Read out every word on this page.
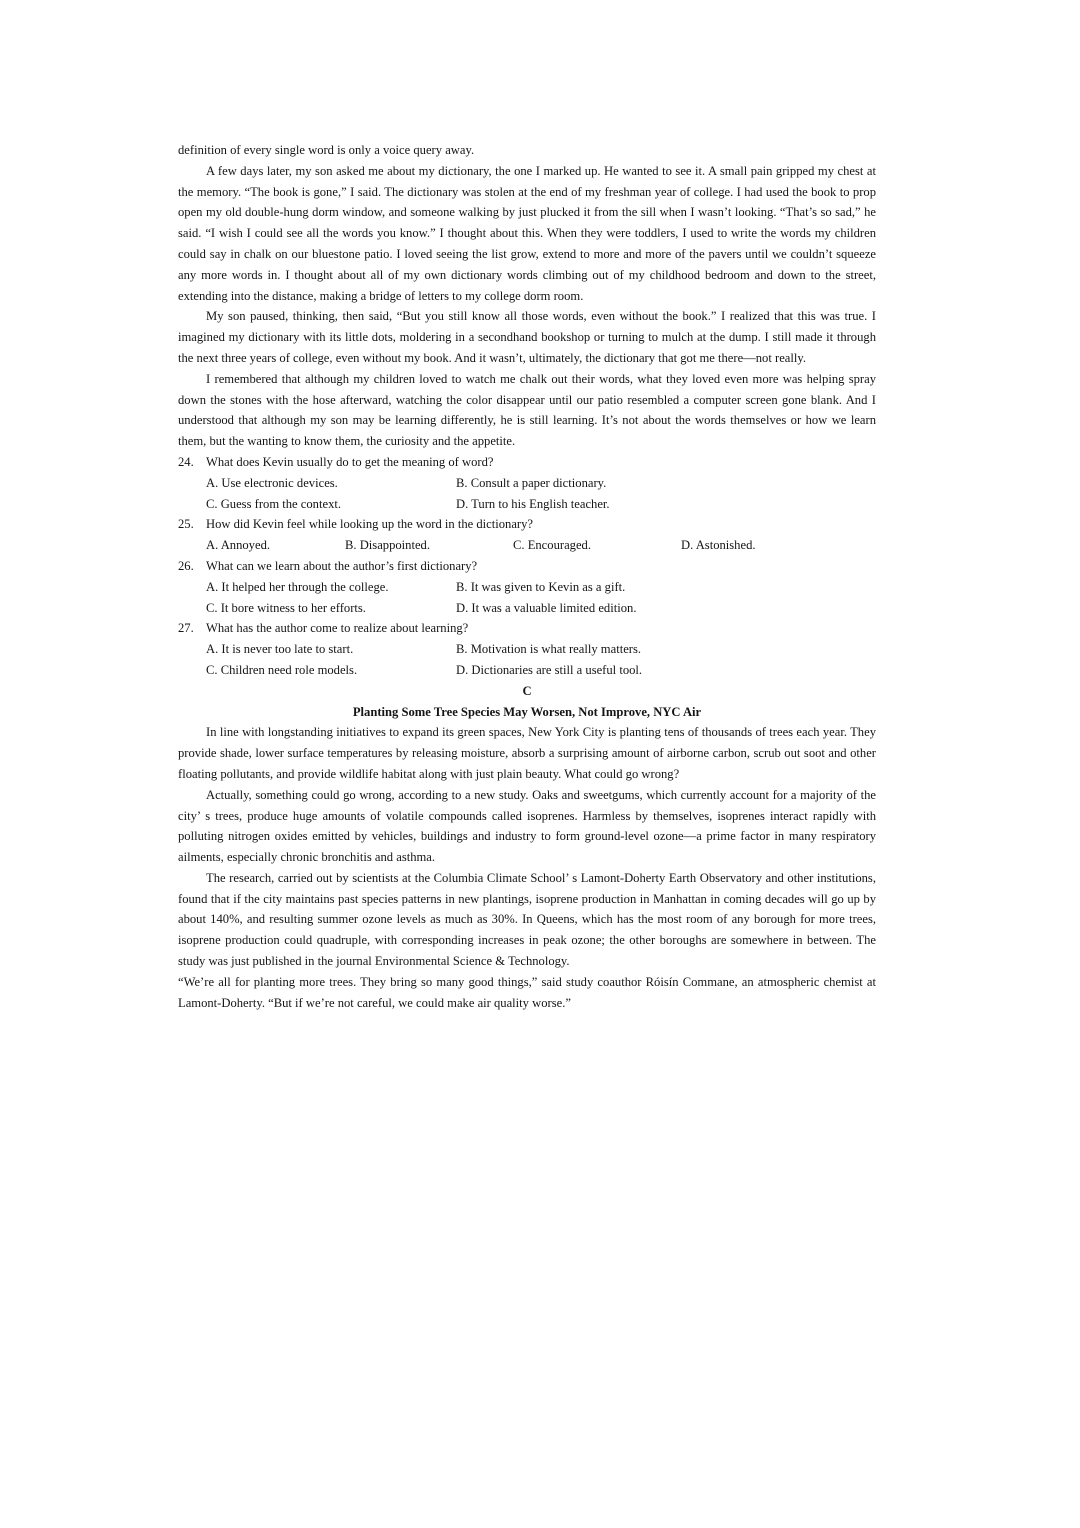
definition of every single word is only a voice query away.

A few days later, my son asked me about my dictionary, the one I marked up. He wanted to see it. A small pain gripped my chest at the memory. “The book is gone,” I said. The dictionary was stolen at the end of my freshman year of college. I had used the book to prop open my old double-hung dorm window, and someone walking by just plucked it from the sill when I wasn’t looking. “That’s so sad,” he said. “I wish I could see all the words you know.” I thought about this. When they were toddlers, I used to write the words my children could say in chalk on our bluestone patio. I loved seeing the list grow, extend to more and more of the pavers until we couldn’t squeeze any more words in. I thought about all of my own dictionary words climbing out of my childhood bedroom and down to the street, extending into the distance, making a bridge of letters to my college dorm room.

My son paused, thinking, then said, “But you still know all those words, even without the book.” I realized that this was true. I imagined my dictionary with its little dots, moldering in a secondhand bookshop or turning to mulch at the dump. I still made it through the next three years of college, even without my book. And it wasn’t, ultimately, the dictionary that got me there—not really.

I remembered that although my children loved to watch me chalk out their words, what they loved even more was helping spray down the stones with the hose afterward, watching the color disappear until our patio resembled a computer screen gone blank. And I understood that although my son may be learning differently, he is still learning. It’s not about the words themselves or how we learn them, but the wanting to know them, the curiosity and the appetite.

24. What does Kevin usually do to get the meaning of word?
A. Use electronic devices.	B. Consult a paper dictionary.
C. Guess from the context.	D. Turn to his English teacher.
25. How did Kevin feel while looking up the word in the dictionary?
A. Annoyed.	B. Disappointed.	C. Encouraged.	D. Astonished.
26. What can we learn about the author’s first dictionary?
A. It helped her through the college.	B. It was given to Kevin as a gift.
C. It bore witness to her efforts.	D. It was a valuable limited edition.
27. What has the author come to realize about learning?
A. It is never too late to start.	B. Motivation is what really matters.
C. Children need role models.	D. Dictionaries are still a useful tool.

C

Planting Some Tree Species May Worsen, Not Improve, NYC Air

In line with longstanding initiatives to expand its green spaces, New York City is planting tens of thousands of trees each year. They provide shade, lower surface temperatures by releasing moisture, absorb a surprising amount of airborne carbon, scrub out soot and other floating pollutants, and provide wildlife habitat along with just plain beauty. What could go wrong?

Actually, something could go wrong, according to a new study. Oaks and sweetgums, which currently account for a majority of the city’ s trees, produce huge amounts of volatile compounds called isoprenes. Harmless by themselves, isoprenes interact rapidly with polluting nitrogen oxides emitted by vehicles, buildings and industry to form ground-level ozone—a prime factor in many respiratory ailments, especially chronic bronchitis and asthma.

The research, carried out by scientists at the Columbia Climate School’ s Lamont-Doherty Earth Observatory and other institutions, found that if the city maintains past species patterns in new plantings, isoprene production in Manhattan in coming decades will go up by about 140%, and resulting summer ozone levels as much as 30%. In Queens, which has the most room of any borough for more trees, isoprene production could quadruple, with corresponding increases in peak ozone; the other boroughs are somewhere in between. The study was just published in the journal Environmental Science & Technology.

“We’re all for planting more trees. They bring so many good things,” said study coauthor Róisín Commane, an atmospheric chemist at Lamont-Doherty. “But if we’re not careful, we could make air quality worse.”
